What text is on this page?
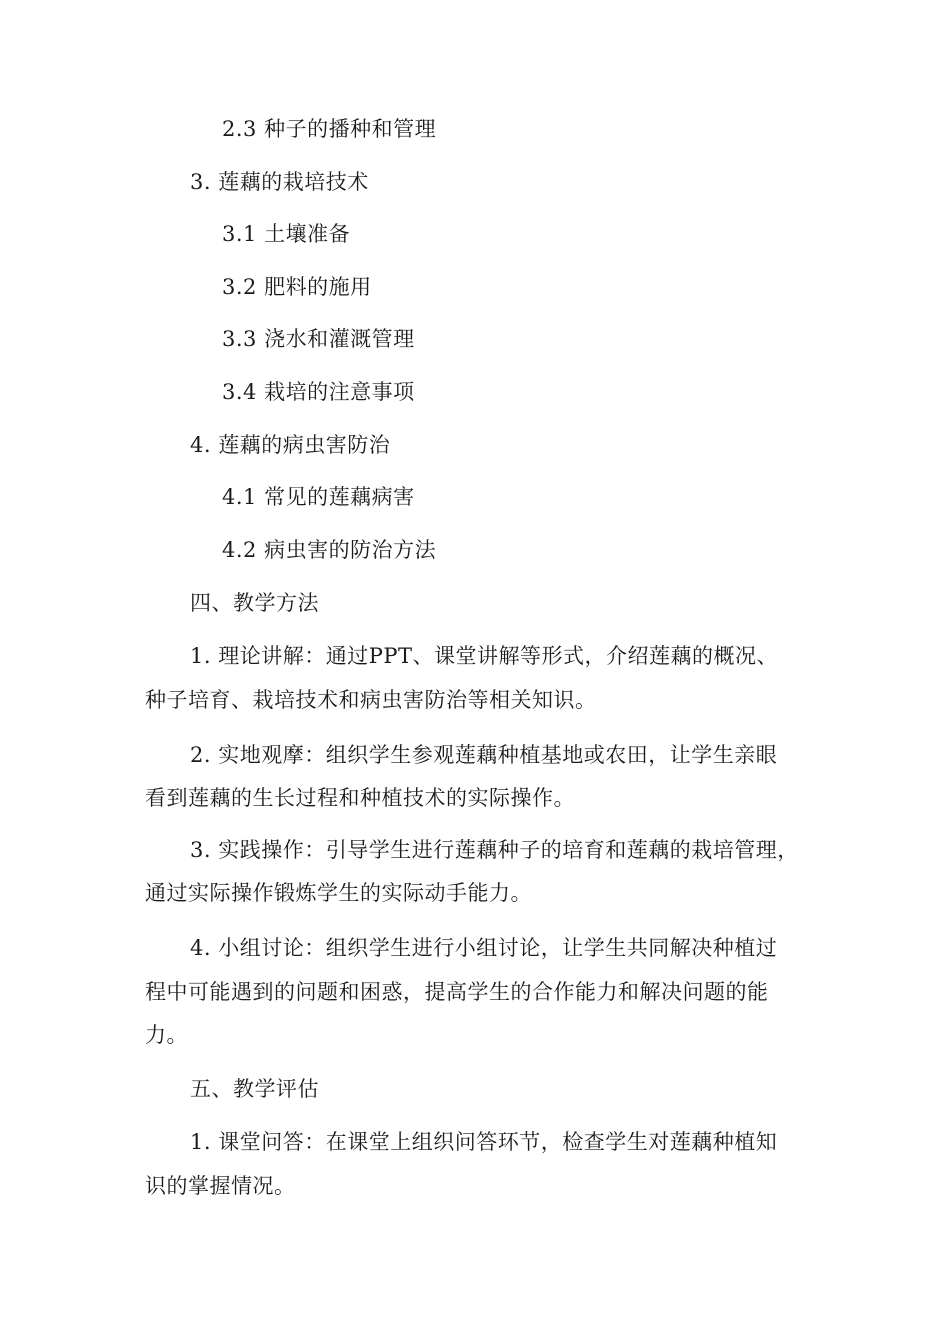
2.3 种子的播种和管理
3. 莲藕的栽培技术
3.1 土壤准备
3.2 肥料的施用
3.3 浇水和灌溉管理
3.4 栽培的注意事项
4. 莲藕的病虫害防治
4.1 常见的莲藕病害
4.2 病虫害的防治方法
四、教学方法
1. 理论讲解：通过PPT、课堂讲解等形式，介绍莲藕的概况、
种子培育、栽培技术和病虫害防治等相关知识。
2. 实地观摩：组织学生参观莲藕种植基地或农田，让学生亲眼
看到莲藕的生长过程和种植技术的实际操作。
3. 实践操作：引导学生进行莲藕种子的培育和莲藕的栽培管理，
通过实际操作锻炼学生的实际动手能力。
4. 小组讨论：组织学生进行小组讨论，让学生共同解决种植过
程中可能遇到的问题和困惑，提高学生的合作能力和解决问题的能
力。
五、教学评估
1. 课堂问答：在课堂上组织问答环节，检查学生对莲藕种植知
识的掌握情况。
